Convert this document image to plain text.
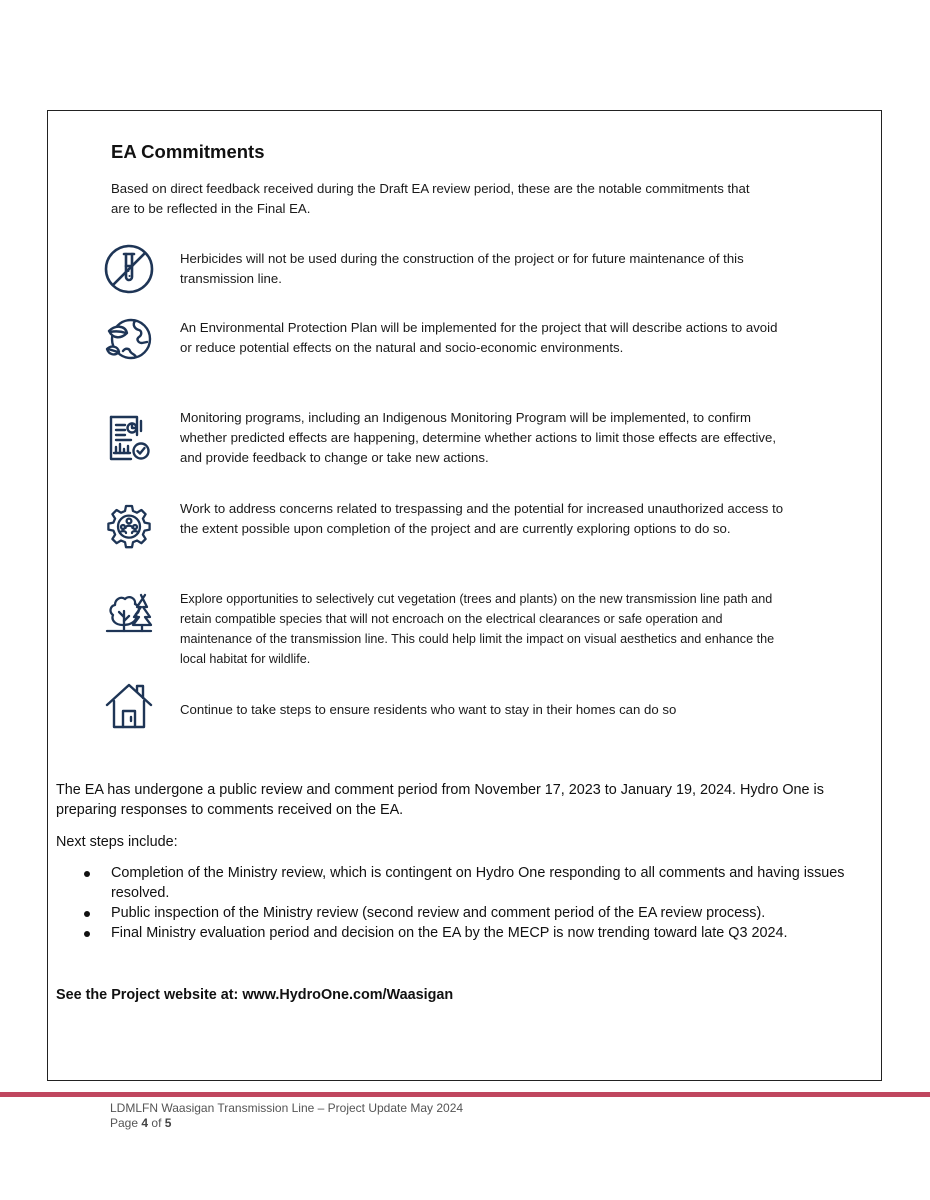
EA Commitments

Based on direct feedback received during the Draft EA review period, these are the notable commitments that are to be reflected in the Final EA.

Herbicides will not be used during the construction of the project or for future maintenance of this transmission line.

An Environmental Protection Plan will be implemented for the project that will describe actions to avoid or reduce potential effects on the natural and socio-economic environments.

Monitoring programs, including an Indigenous Monitoring Program will be implemented, to confirm whether predicted effects are happening, determine whether actions to limit those effects are effective, and provide feedback to change or take new actions.

Work to address concerns related to trespassing and the potential for increased unauthorized access to the extent possible upon completion of the project and are currently exploring options to do so.

Explore opportunities to selectively cut vegetation (trees and plants) on the new transmission line path and retain compatible species that will not encroach on the electrical clearances or safe operation and maintenance of the transmission line. This could help limit the impact on visual aesthetics and enhance the local habitat for wildlife.

Continue to take steps to ensure residents who want to stay in their homes can do so

The EA has undergone a public review and comment period from November 17, 2023 to January 19, 2024. Hydro One is preparing responses to comments received on the EA.

Next steps include:

Completion of the Ministry review, which is contingent on Hydro One responding to all comments and having issues resolved.
Public inspection of the Ministry review (second review and comment period of the EA review process).
Final Ministry evaluation period and decision on the EA by the MECP is now trending toward late Q3 2024.

See the Project website at: www.HydroOne.com/Waasigan

LDMLFN Waasigan Transmission Line – Project Update May 2024
Page 4 of 5
